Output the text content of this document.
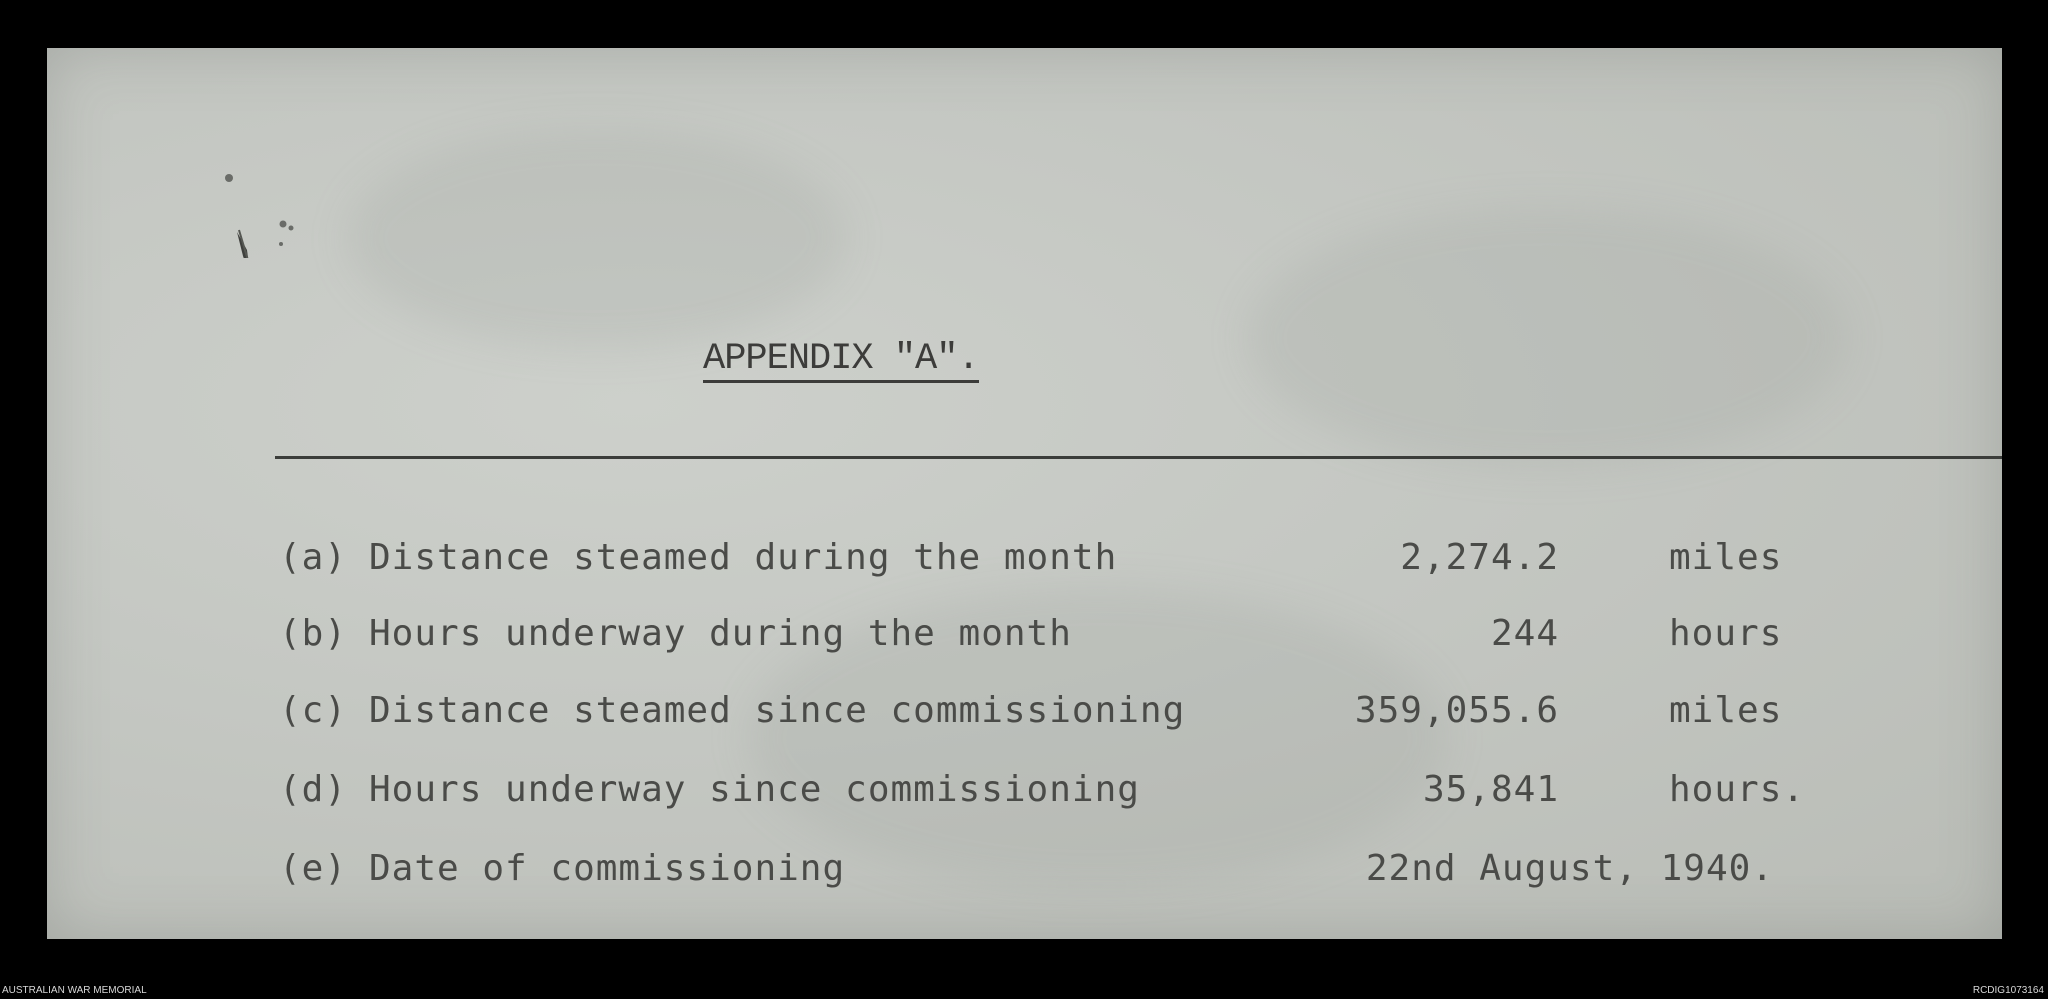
APPENDIX "A".
(a) Distance steamed during the month	2,274.2	miles
(b) Hours underway during the month	244	hours
(c) Distance steamed since commissioning	359,055.6	miles
(d) Hours underway since commissioning	35,841	hours.
(e) Date of commissioning	22nd August, 1940.
AUSTRALIAN WAR MEMORIAL	RCDIG1073164
